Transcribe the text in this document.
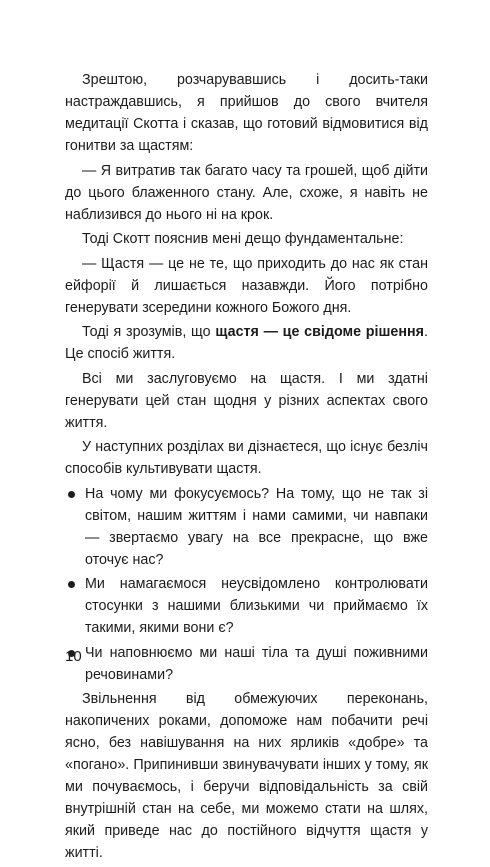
Зрештою, розчарувавшись і досить-таки настраждавшись, я прийшов до свого вчителя медитації Скотта і сказав, що готовий відмовитися від гонитви за щастям:

— Я витратив так багато часу та грошей, щоб дійти до цього блаженного стану. Але, схоже, я навіть не наблизився до нього ні на крок.

Тоді Скотт пояснив мені дещо фундаментальне:

— Щастя — це не те, що приходить до нас як стан ейфорії й лишається назавжди. Його потрібно генерувати зсередини кожного Божого дня.

Тоді я зрозумів, що щастя — це свідоме рішення. Це спосіб життя.

Всі ми заслуговуємо на щастя. І ми здатні генерувати цей стан щодня у різних аспектах свого життя.

У наступних розділах ви дізнаєтеся, що існує безліч способів культивувати щастя.

На чому ми фокусуємось? На тому, що не так зі світом, нашим життям і нами самими, чи навпаки — звертаємо увагу на все прекрасне, що вже оточує нас?
Ми намагаємося неусвідомлено контролювати стосунки з нашими близькими чи приймаємо їх такими, якими вони є?
Чи наповнюємо ми наші тіла та душі поживними речовинами?

Звільнення від обмежуючих переконань, накопичених роками, допоможе нам побачити речі ясно, без навішування на них ярликів «добре» та «погано». Припинивши звинувачувати інших у тому, як ми почуваємось, і беручи відповідальність за свій внутрішній стан на себе, ми можемо стати на шлях, який приведе нас до постійного відчуття щастя у житті.

10
